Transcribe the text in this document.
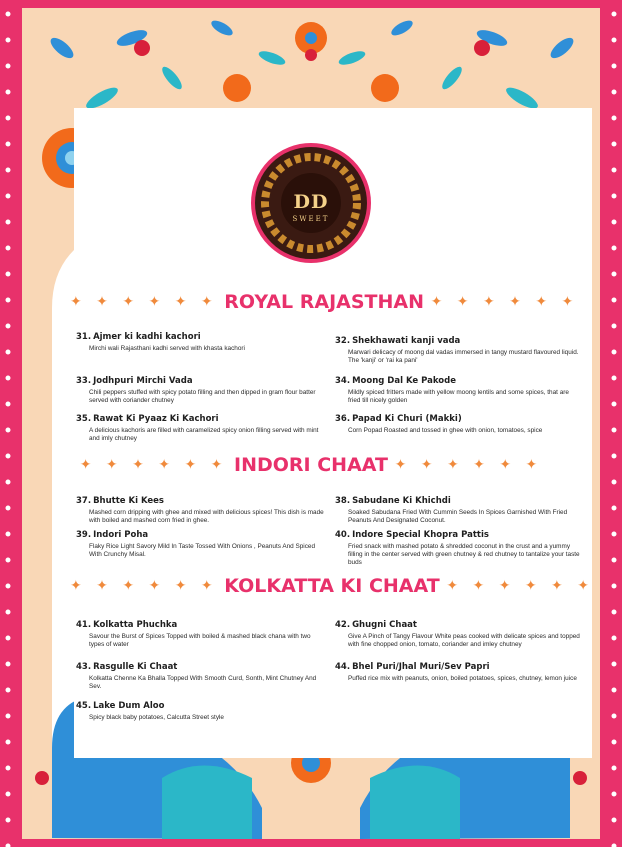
DD
SWEET
✦ ✦ ✦ ✦ ✦ ✦ ROYAL RAJASTHAN ✦ ✦ ✦ ✦ ✦ ✦
✦ ✦ ✦ ✦ ✦ ✦ INDORI CHAAT ✦ ✦ ✦ ✦ ✦ ✦
✦ ✦ ✦ ✦ ✦ ✦ KOLKATTA KI CHAAT ✦ ✦ ✦ ✦ ✦ ✦
31. Ajmer ki kadhi kachori
Mirchi wali Rajasthani kadhi served with khasta kachori
32. Shekhawati kanji vada
Marwari delicacy of moong dal vadas immersed in tangy mustard flavoured liquid. The 'kanji' or 'rai ka pani'
33. Jodhpuri Mirchi Vada
Chili peppers stuffed with spicy potato filling and then dipped in gram flour batter served with coriander chutney
34. Moong Dal Ke Pakode
Mildly spiced fritters made with yellow moong lentils and some spices, that are fried till nicely golden
35. Rawat Ki Pyaaz Ki Kachori
A delicious kachoris are filled with caramelized spicy onion filling served with mint and imly chutney
36. Papad Ki Churi (Makki)
Corn Popad Roasted and tossed in ghee with onion, tomatoes, spice
37. Bhutte Ki Kees
Mashed corn dripping with ghee and mixed with delicious spices! This dish is made with boiled and mashed corn fried in ghee.
38. Sabudane Ki Khichdi
Soaked Sabudana Fried With Cummin Seeds In Spices Garnished With Fried Peanuts And Designated Coconut.
39. Indori Poha
Flaky Rice Light Savory Mild In Taste Tossed With Onions , Peanuts And Spiced With Crunchy Misal.
40. Indore Special Khopra Pattis
Fried snack with mashed potato & shredded coconut in the crust and a yummy filling in the center served with green chutney & red chutney to tantalize your taste buds
41. Kolkatta Phuchka
Savour the Burst of Spices Topped with boiled & mashed black chana with two types of water
42. Ghugni Chaat
Give A Pinch of Tangy Flavour White peas cooked with delicate spices and topped with fine chopped onion, tomato, coriander and imley chutney
43. Rasgulle Ki Chaat
Kolkatta Chenne Ka Bhalla Topped With Smooth Curd, Sonth, Mint Chutney And Sev.
44. Bhel Puri/Jhal Muri/Sev Papri
Puffed rice mix with peanuts, onion, boiled potatoes, spices, chutney, lemon juice
45. Lake Dum Aloo
Spicy black baby potatoes, Calcutta Street style
